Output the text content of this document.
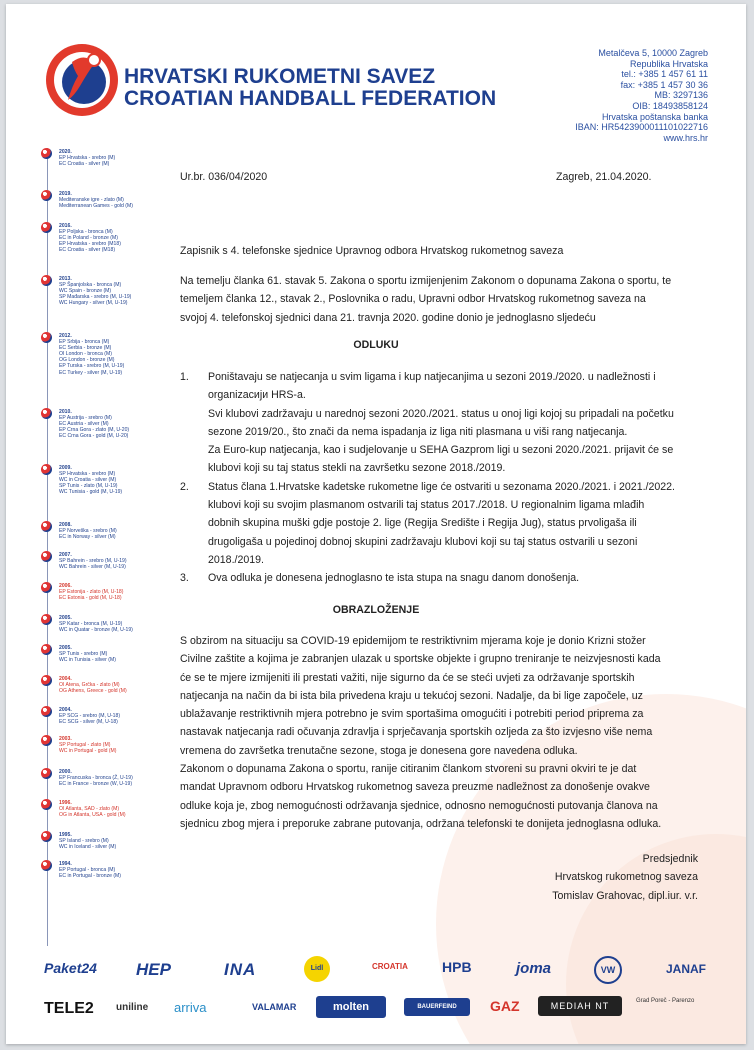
HRVATSKI RUKOMETNI SAVEZ
CROATIAN HANDBALL FEDERATION
Metalčeva 5, 10000 Zagreb
Republika Hrvatska
tel.: +385 1 457 61 11
fax: +385 1 457 30 36
MB: 3297136
OIB: 18493858124
Hrvatska poštanska banka
IBAN: HR5423900011101022716
www.hrs.hr
2020.
EP Hrvatska - srebro (M)
EC Croatia - silver (M)
2019.
Mediteranske igre - zlato (M)
Mediterranean Games - gold (M)
2016.
EP Poljska - bronca (M)
EC in Poland - bronze (M)
EP Hrvatska - srebro (M18)
EC Croatia - silver (M18)
2013.
SP Španjolska - bronca (M)
WC Spain - bronze (M)
SP Mađarska - srebro (M, U-19)
WC Hungary - silver (M, U-19)
2012.
EP Srbija - bronca (M)
EC Serbia - bronze (M)
OI London - bronca (M)
OG London - bronze (M)
EP Turska - srebro (M, U-19)
EC Turkey - silver (M, U-19)
2010.
EP Austrija - srebro (M)
EC Austria - silver (M)
EP Crna Gora - zlato (M, U-20)
EC Crna Gora - gold (M, U-20)
2009.
SP Hrvatska - srebro (M)
WC in Croatia - silver (M)
SP Tunis - zlato (M, U-19)
WC Tunisia - gold (M, U-19)
2008.
EP Norveška - srebro (M)
EC in Norway - silver (M)
2007.
SP Bahrein - srebro (M, U-19)
WC Bahrein - silver (M, U-19)
2006.
EP Estonija - zlato (M, U-18)
EC Estonia - gold (M, U-18)
2005.
SP Katar - bronca (M, U-19)
WC in Quatar - bronze (M, U-19)
2005.
SP Tunis - srebro (M)
WC in Tunisia - silver (M)
2004.
OI Atena, Grčka - zlato (M)
OG Athens, Greece - gold (M)
2004.
EP SCG - srebro (M, U-18)
EC SCG - silver (M, U-18)
2003.
SP Portugal - zlato (M)
WC in Portugal - gold (M)
2000.
EP Francuska - bronca (Ž, U-19)
EC in France - bronze (W, U-19)
1996.
OI Atlanta, SAD - zlato (M)
OG in Atlanta, USA - gold (M)
1995.
SP Island - srebro (M)
WC in Iceland - silver (M)
1994.
EP Portugal - bronca (M)
EC in Portugal - bronze (M)
Ur.br. 036/04/2020	Zagreb, 21.04.2020.
Zapisnik s 4. telefonske sjednice Upravnog odbora Hrvatskog rukometnog saveza
Na temelju članka 61. stavak 5. Zakona o sportu izmijenjenim Zakonom o dopunama Zakona o sportu, te
temeljem članka 12., stavak 2., Poslovnika o radu, Upravni odbor Hrvatskog rukometnog saveza na
svojoj 4. telefonskoj sjednici dana 21. travnja 2020. godine donio je jednoglasno sljedeću
ODLUKU
1. Poništavaju se natjecanja u svim ligama i kup natjecanjima u sezoni 2019./2020. u nadležnosti i
organizacији HRS-a.
Svi klubovi zadržavaju u narednoj sezoni 2020./2021. status u onoj ligi kojoj su pripadali na početku
sezone 2019/20., što znači da nema ispadanja iz liga niti plasmana u viši rang natjecanja.
Za Euro-kup natjecanja, kao i sudjelovanje u SEHA Gazprom ligi u sezoni 2020./2021. prijavit će se
klubovi koji su taj status stekli na završetku sezone 2018./2019.
2. Status člana 1.Hrvatske kadetske rukometne lige će ostvariti u sezonama 2020./2021. i 2021./2022.
klubovi koji su svojim plasmanom ostvarili taj status 2017./2018. U regionalnim ligama mlađih
dobnih skupina muški gdje postoje 2. lige (Regija Središte i Regija Jug), status prvoligaša ili
drugoligaša u pojedinoj dobnoj skupini zadržavaju klubovi koji su taj status ostvarili u sezoni
2018./2019.
3. Ova odluka je donesena jednoglasno te ista stupa na snagu danom donošenja.
OBRAZLOŽENJE
S obzirom na situaciju sa COVID-19 epidemijom te restriktivnim mjerama koje je donio Krizni stožer
Civilne zaštite a kojima je zabranjen ulazak u sportske objekte i grupno treniranje te neizvjesnosti kada
će se te mjere izmijeniti ili prestati važiti, nije sigurno da će se steći uvjeti za održavanje sportskih
natjecanja na način da bi ista bila privedena kraju u tekućoj sezoni. Nadalje, da bi lige započele, uz
ublažavanje restriktivnih mjera potrebno je svim sportašima omogućiti i potrebiti period priprema za
nastavak natjecanja radi očuvanja zdravlja i sprječavanja sportskih ozljeda za što izvjesno više nema
vremena do završetka trenutačne sezone, stoga je donesena gore navedena odluka.
Zakonom o dopunama Zakona o sportu, ranije citiranim člankom stvoreni su pravni okviri te je dat
mandat Upravnom odboru Hrvatskog rukometnog saveza preuzme nadležnost za donošenje ovakve
odluke koja je, zbog nemogućnosti održavanja sjednice, odnosno nemogućnosti putovanja članova na
sjednicu zbog mjera i preporuke zabrane putovanja, održana telefonski te donijeta jednoglasna odluka.
Predsjednik
Hrvatskog rukometnog saveza
Tomislav Grahovac, dipl.iur. v.r.
Paket24 HEP	INA	Lidl	CROATIA HPB	joma	VW	JANAF
TELE2 uniline arriva	VALAMAR	molten	BAUERFEIND	GAZ	MEDIAH NT	Grad Poreč - Parenzo
